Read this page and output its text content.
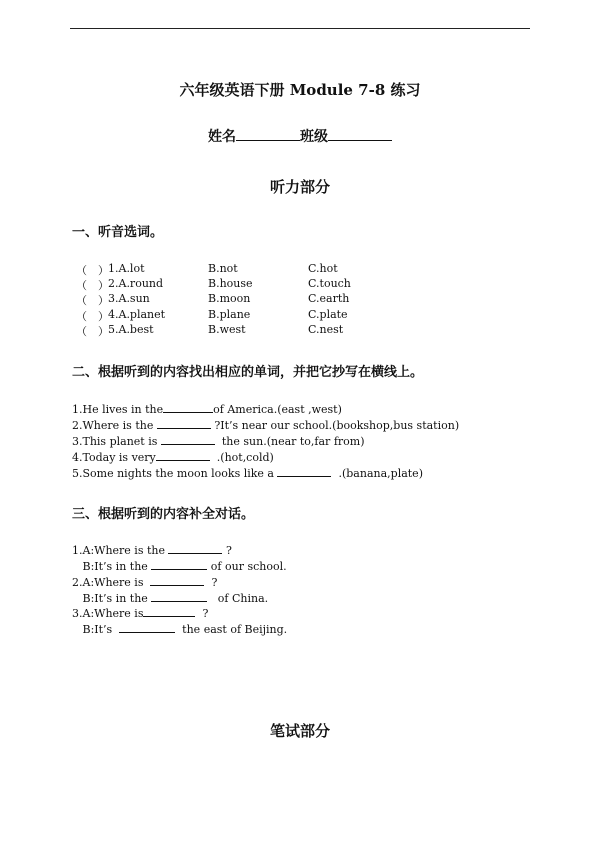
六年级英语下册 Module 7-8 练习
姓名	班级
听力部分
一、听音选词。
（　） 1.A.lot	B.not	C.hot
（　） 2.A.round	B.house	C.touch
（　） 3.A.sun	B.moon	C.earth
（　） 4.A.planet	B.plane	C.plate
（　） 5.A.best	B.west	C.nest
二、根据听到的内容找出相应的单词，并把它抄写在横线上。
1.He lives in the	of America.(east ,west)
2.Where is the	?It’s near our school.(bookshop,bus station)
3.This planet is	the sun.(near to,far from)
4.Today is very	.(hot,cold)
5.Some nights the moon looks like a	.(banana,plate)
三、根据听到的内容补全对话。
1.A:Where is the	?
B:It’s in the	of our school.
2.A:Where is	?
B:It’s in the	of China.
3.A:Where is	?
B:It’s	the east of Beijing.
笔试部分
